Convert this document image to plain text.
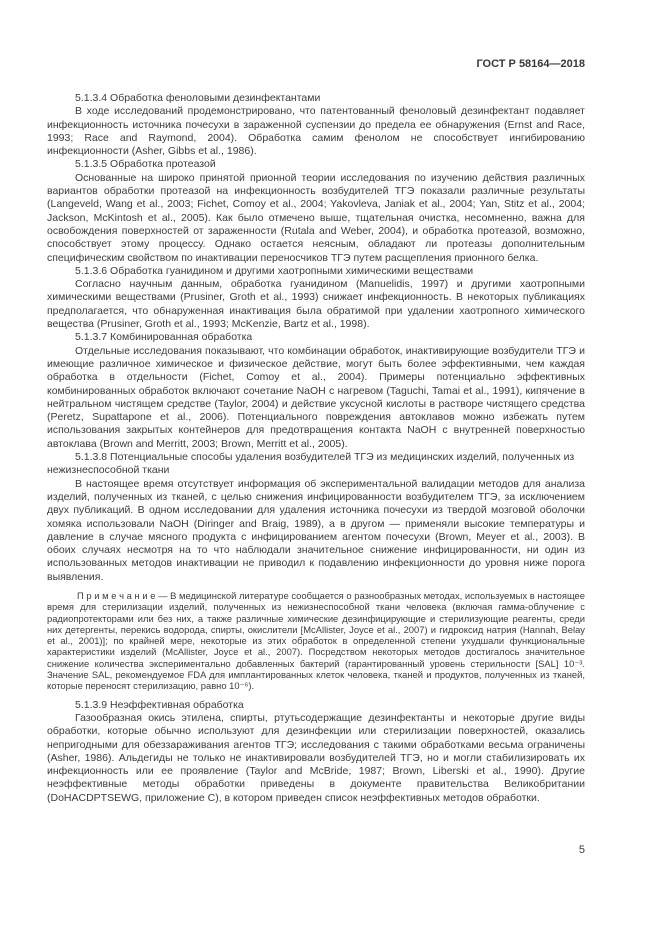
ГОСТ Р 58164—2018

5.1.3.4 Обработка феноловыми дезинфектантами

В ходе исследований продемонстрировано, что патентованный феноловый дезинфектант подавляет инфекционность источника почесухи в зараженной суспензии до предела ее обнаружения (Ernst and Race, 1993; Race and Raymond, 2004). Обработка самим фенолом не способствует ингибированию инфекционности (Asher, Gibbs et al., 1986).

5.1.3.5 Обработка протеазой

Основанные на широко принятой прионной теории исследования по изучению действия различных вариантов обработки протеазой на инфекционность возбудителей ТГЭ показали различные результаты (Langeveld, Wang et al., 2003; Fichet, Comoy et al., 2004; Yakovleva, Janiak et al., 2004; Yan, Stitz et al., 2004; Jackson, McKintosh et al., 2005). Как было отмечено выше, тщательная очистка, несомненно, важна для освобождения поверхностей от зараженности (Rutala and Weber, 2004), и обработка протеазой, возможно, способствует этому процессу. Однако остается неясным, обладают ли протеазы дополнительным специфическим свойством по инактивации переносчиков ТГЭ путем расщепления прионного белка.

5.1.3.6 Обработка гуанидином и другими хаотропными химическими веществами

Согласно научным данным, обработка гуанидином (Manuelidis, 1997) и другими хаотропными химическими веществами (Prusiner, Groth et al., 1993) снижает инфекционность. В некоторых публикациях предполагается, что обнаруженная инактивация была обратимой при удалении хаотропного химического вещества (Prusiner, Groth et al., 1993; McKenzie, Bartz et al., 1998).

5.1.3.7 Комбинированная обработка

Отдельные исследования показывают, что комбинации обработок, инактивирующие возбудители ТГЭ и имеющие различное химическое и физическое действие, могут быть более эффективными, чем каждая обработка в отдельности (Fichet, Comoy et al., 2004). Примеры потенциально эффективных комбинированных обработок включают сочетание NaOH с нагревом (Taguchi, Tamai et al., 1991), кипячение в нейтральном чистящем средстве (Taylor, 2004) и действие уксусной кислоты в растворе чистящего средства (Peretz, Supattapone et al., 2006). Потенциального повреждения автоклавов можно избежать путем использования закрытых контейнеров для предотвращения контакта NaOH с внутренней поверхностью автоклава (Brown and Merritt, 2003; Brown, Merritt et al., 2005).

5.1.3.8 Потенциальные способы удаления возбудителей ТГЭ из медицинских изделий, полученных из нежизнеспособной ткани

В настоящее время отсутствует информация об экспериментальной валидации методов для анализа изделий, полученных из тканей, с целью снижения инфицированности возбудителем ТГЭ, за исключением двух публикаций. В одном исследовании для удаления источника почесухи из твердой мозговой оболочки хомяка использовали NaOH (Diringer and Braig, 1989), а в другом — применяли высокие температуры и давление в случае мясного продукта с инфицированием агентом почесухи (Brown, Meyer et al., 2003). В обоих случаях несмотря на то что наблюдали значительное снижение инфицированности, ни один из использованных методов инактивации не приводил к подавлению инфекционности до уровня ниже порога выявления.

П р и м е ч а н и е — В медицинской литературе сообщается о разнообразных методах, используемых в настоящее время для стерилизации изделий, полученных из нежизнеспособной ткани человека (включая гамма-облучение с радиопротекторами или без них, а также различные химические дезинфицирующие и стерилизующие реагенты, среди них детергенты, перекись водорода, спирты, окислители [McAllister, Joyce et al., 2007) и гидроксид натрия (Hannah, Belay et al., 2001)]; по крайней мере, некоторые из этих обработок в определенной степени ухудшали функциональные характеристики изделий (McAllister, Joyce et al., 2007). Посредством некоторых методов достигалось значительное снижение количества экспериментально добавленных бактерий (гарантированный уровень стерильности [SAL] 10⁻³. Значение SAL, рекомендуемое FDA для имплантированных клеток человека, тканей и продуктов, полученных из тканей, которые переносят стерилизацию, равно 10⁻⁶).

5.1.3.9 Неэффективная обработка

Газообразная окись этилена, спирты, ртутьсодержащие дезинфектанты и некоторые другие виды обработки, которые обычно используют для дезинфекции или стерилизации поверхностей, оказались непригодными для обеззараживания агентов ТГЭ; исследования с такими обработками весьма ограничены (Asher, 1986). Альдегиды не только не инактивировали возбудителей ТГЭ, но и могли стабилизировать их инфекционность или ее проявление (Taylor and McBride, 1987; Brown, Liberski et al., 1990). Другие неэффективные методы обработки приведены в документе правительства Великобритании (DoHACDPTSEWG, приложение С), в котором приведен список неэффективных методов обработки.

5
